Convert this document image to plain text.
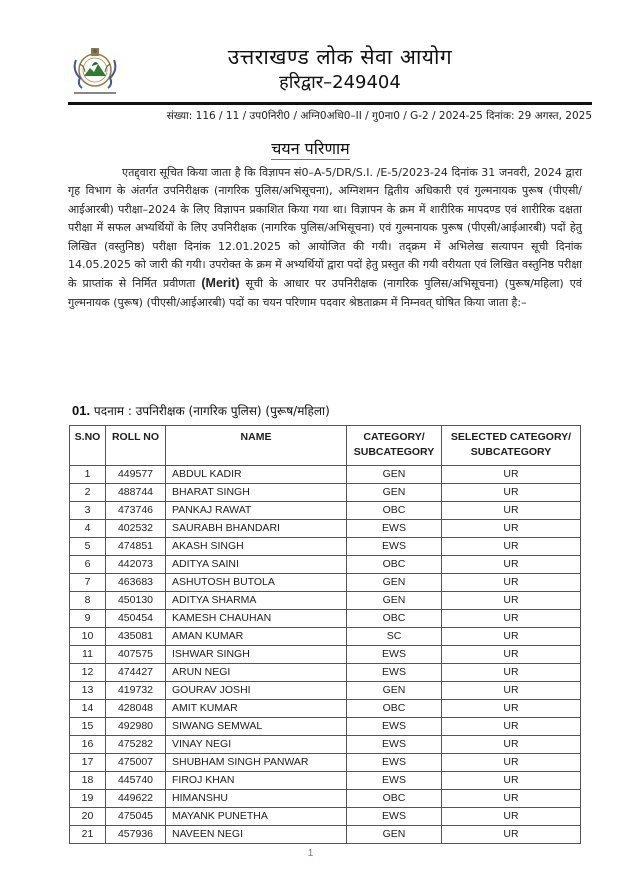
उत्तराखण्ड लोक सेवा आयोग
हरिद्वार–249404
संख्या: 116 / 11 / उप0निरी0 / अग्नि0अधि0–II / गु0ना0 / G-2 / 2024-25 दिनांक: 29 अगस्त, 2025
चयन परिणाम
एतद्द्वारा सूचित किया जाता है कि विज्ञापन सं0–A-5/DR/S.I. /E-5/2023-24 दिनांक 31 जनवरी, 2024 द्वारा गृह विभाग के अंतर्गत उपनिरीक्षक (नागरिक पुलिस/अभिसूचना), अग्निशमन द्वितीय अधिकारी एवं गुल्मनायक पुरूष (पीएसी/आईआरबी) परीक्षा–2024 के लिए विज्ञापन प्रकाशित किया गया था। विज्ञापन के क्रम में शारीरिक मापदण्ड एवं शारीरिक दक्षता परीक्षा में सफल अभ्यर्थियों के लिए उपनिरीक्षक (नागरिक पुलिस/अभिसूचना) एवं गुल्मनायक पुरूष (पीएसी/आईआरबी) पदों हेतु लिखित (वस्तुनिष्ठ) परीक्षा दिनांक 12.01.2025 को आयोजित की गयी। तद्क्रम में अभिलेख सत्यापन सूची दिनांक 14.05.2025 को जारी की गयी। उपरोक्त के क्रम में अभ्यर्थियों द्वारा पदों हेतु प्रस्तुत की गयी वरीयता एवं लिखित वस्तुनिष्ठ परीक्षा के प्राप्तांक से निर्मित प्रवीणता (Merit) सूची के आधार पर उपनिरीक्षक (नागरिक पुलिस/अभिसूचना) (पुरूष/महिला) एवं गुल्मनायक (पुरूष) (पीएसी/आईआरबी) पदों का चयन परिणाम पदवार श्रेष्ठताक्रम में निम्नवत् घोषित किया जाता है:–
01. पदनाम : उपनिरीक्षक (नागरिक पुलिस) (पुरूष/महिला)
S.NO	ROLL NO	NAME	CATEGORY/ SUBCATEGORY	SELECTED CATEGORY/ SUBCATEGORY
1	449577	ABDUL KADIR	GEN	UR
2	488744	BHARAT SINGH	GEN	UR
3	473746	PANKAJ RAWAT	OBC	UR
4	402532	SAURABH BHANDARI	EWS	UR
5	474851	AKASH SINGH	EWS	UR
6	442073	ADITYA SAINI	OBC	UR
7	463683	ASHUTOSH BUTOLA	GEN	UR
8	450130	ADITYA SHARMA	GEN	UR
9	450454	KAMESH CHAUHAN	OBC	UR
10	435081	AMAN KUMAR	SC	UR
11	407575	ISHWAR SINGH	EWS	UR
12	474427	ARUN NEGI	EWS	UR
13	419732	GOURAV JOSHI	GEN	UR
14	428048	AMIT KUMAR	OBC	UR
15	492980	SIWANG SEMWAL	EWS	UR
16	475282	VINAY NEGI	EWS	UR
17	475007	SHUBHAM SINGH PANWAR	EWS	UR
18	445740	FIROJ KHAN	EWS	UR
19	449622	HIMANSHU	OBC	UR
20	475045	MAYANK PUNETHA	EWS	UR
21	457936	NAVEEN NEGI	GEN	UR
1
